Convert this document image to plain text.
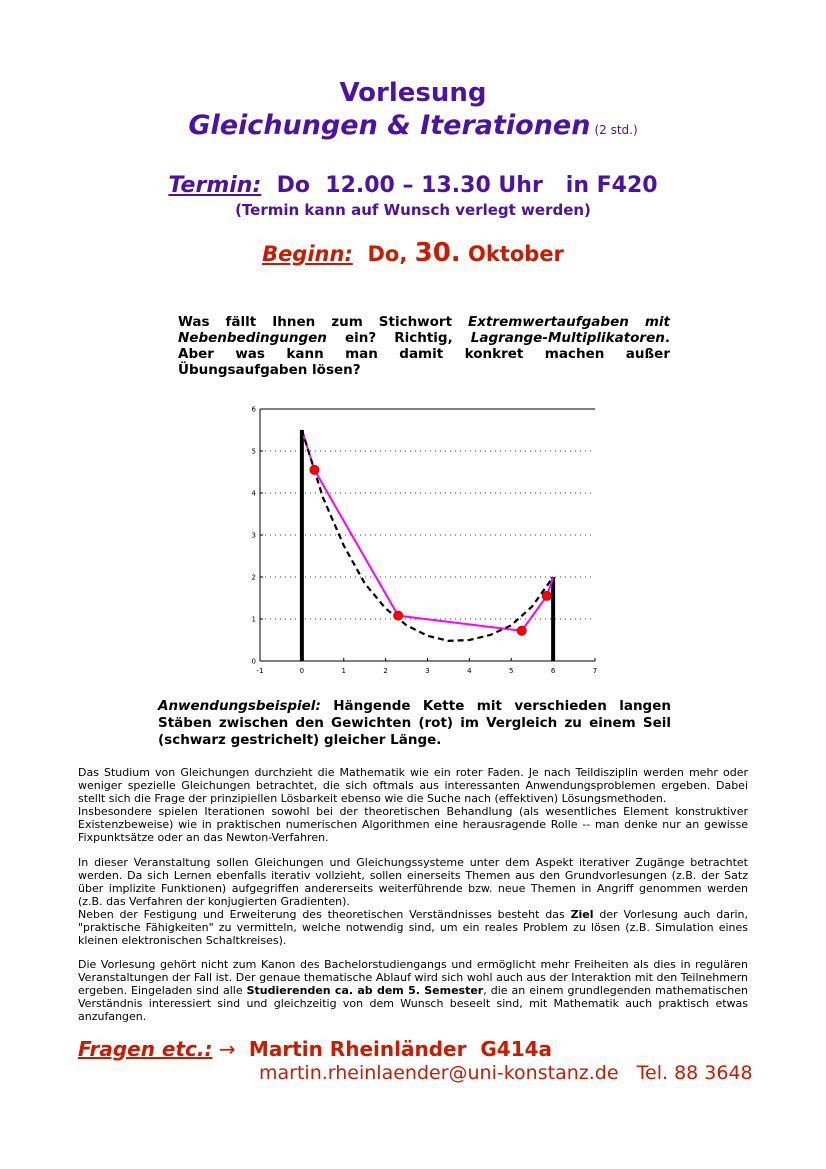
Vorlesung
Gleichungen & Iterationen (2 std.)
Termin:  Do  12.00 – 13.30 Uhr   in F420
(Termin kann auf Wunsch verlegt werden)
Beginn:  Do, 30. Oktober
Was fällt Ihnen zum Stichwort Extremwertaufgaben mit Nebenbedingungen ein? Richtig, Lagrange-Multiplikatoren. Aber was kann man damit konkret machen außer Übungsaufgaben lösen?
-1	0	1	2	3	4	5	6	7
0
1
2
3
4
5
6
Anwendungsbeispiel: Hängende Kette mit verschieden langen Stäben zwischen den Gewichten (rot) im Vergleich zu einem Seil (schwarz gestrichelt) gleicher Länge.
Das Studium von Gleichungen durchzieht die Mathematik wie ein roter Faden. Je nach Teildisziplin werden mehr oder weniger spezielle Gleichungen betrachtet, die sich oftmals aus interessanten Anwendungsproblemen ergeben. Dabei stellt sich die Frage der prinzipiellen Lösbarkeit ebenso wie die Suche nach (effektiven) Lösungsmethoden.
Insbesondere spielen Iterationen sowohl bei der theoretischen Behandlung (als wesentliches Element konstruktiver Existenzbeweise) wie in praktischen numerischen Algorithmen eine herausragende Rolle -- man denke nur an gewisse Fixpunktsätze oder an das Newton-Verfahren.
In dieser Veranstaltung sollen Gleichungen und Gleichungssysteme unter dem Aspekt iterativer Zugänge betrachtet werden. Da sich Lernen ebenfalls iterativ vollzieht, sollen einerseits Themen aus den Grundvorlesungen (z.B. der Satz über implizite Funktionen) aufgegriffen andererseits weiterführende bzw. neue Themen in Angriff genommen werden (z.B. das Verfahren der konjugierten Gradienten).
Neben der Festigung und Erweiterung des theoretischen Verständnisses besteht das Ziel der Vorlesung auch darin, "praktische Fähigkeiten" zu vermitteln, welche notwendig sind, um ein reales Problem zu lösen (z.B. Simulation eines kleinen elektronischen Schaltkreises).
Die Vorlesung gehört nicht zum Kanon des Bachelorstudiengangs und ermöglicht mehr Freiheiten als dies in regulären Veranstaltungen der Fall ist. Der genaue thematische Ablauf wird sich wohl auch aus der Interaktion mit den Teilnehmern ergeben. Eingeladen sind alle Studierenden ca. ab dem 5. Semester, die an einem grundlegenden mathematischen Verständnis interessiert sind und gleichzeitig von dem Wunsch beseelt sind, mit Mathematik auch praktisch etwas anzufangen.
Fragen etc.: →  Martin Rheinländer  G414a
martin.rheinlaender@uni-konstanz.de   Tel. 88 3648
